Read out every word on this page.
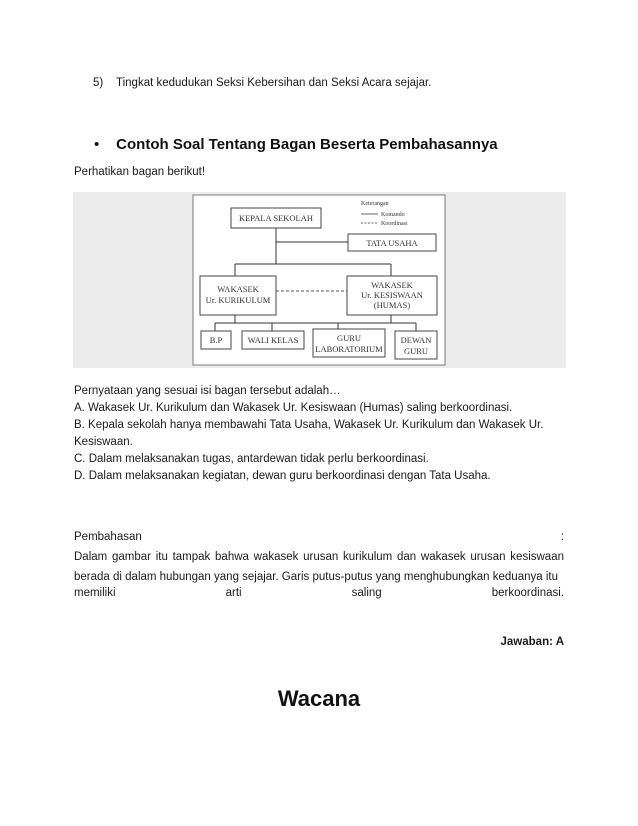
5) Tingkat kedudukan Seksi Kebersihan dan Seksi Acara sejajar.
• Contoh Soal Tentang Bagan Beserta Pembahasannya
Perhatikan bagan berikut!
KEPALA SEKOLAH
Keterangan
Komando
Koordinasi
TATA USAHA
WAKASEK
Ur. KURIKULUM
WAKASEK
Ur. KESISWAAN
(HUMAS)
B.P	WALI KELAS	GURU
LABORATORIUM
DEWAN
GURU
Pernyataan yang sesuai isi bagan tersebut adalah…
A. Wakasek Ur. Kurikulum dan Wakasek Ur. Kesiswaan (Humas) saling berkoordinasi.
B. Kepala sekolah hanya membawahi Tata Usaha, Wakasek Ur. Kurikulum dan Wakasek Ur.
Kesiswaan.
C. Dalam melaksanakan tugas, antardewan tidak perlu berkoordinasi.
D. Dalam melaksanakan kegiatan, dewan guru berkoordinasi dengan Tata Usaha.
Pembahasan	:
Dalam gambar itu tampak bahwa wakasek urusan kurikulum dan wakasek urusan kesiswaan berada di dalam hubungan yang sejajar. Garis putus-putus yang menghubungkan keduanya itu
memiliki	arti	saling	berkoordinasi.
Jawaban: A
Wacana
